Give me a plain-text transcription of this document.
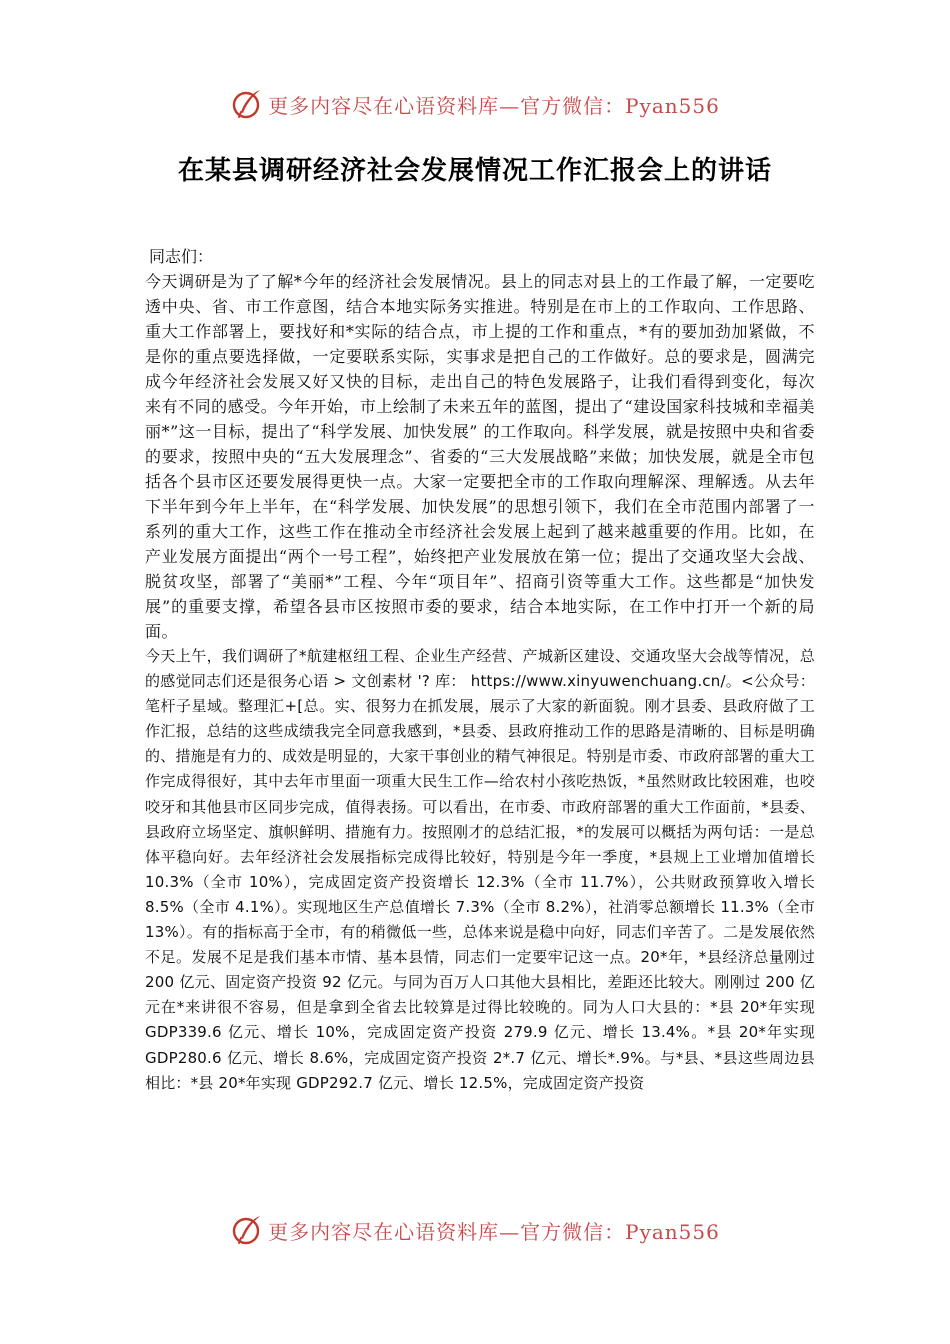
更多内容尽在心语资料库—官方微信：Pyan556
在某县调研经济社会发展情况工作汇报会上的讲话

同志们：

今天调研是为了了解*今年的经济社会发展情况。县上的同志对县上的工作最了解，一定要吃透中央、省、市工作意图，结合本地实际务实推进。特别是在市上的工作取向、工作思路、重大工作部署上，要找好和*实际的结合点，市上提的工作和重点，*有的要加劲加紧做，不是你的重点要选择做，一定要联系实际，实事求是把自己的工作做好。总的要求是，圆满完成今年经济社会发展又好又快的目标，走出自己的特色发展路子，让我们看得到变化，每次来有不同的感受。今年开始，市上绘制了未来五年的蓝图，提出了“建设国家科技城和幸福美丽*”这一目标，提出了“科学发展、加快发展” 的工作取向。科学发展，就是按照中央和省委的要求，按照中央的“五大发展理念”、省委的“三大发展战略”来做；加快发展，就是全市包括各个县市区还要发展得更快一点。大家一定要把全市的工作取向理解深、理解透。从去年下半年到今年上半年，在“科学发展、加快发展”的思想引领下，我们在全市范围内部署了一系列的重大工作，这些工作在推动全市经济社会发展上起到了越来越重要的作用。比如，在产业发展方面提出“两个一号工程”，始终把产业发展放在第一位；提出了交通攻坚大会战、脱贫攻坚，部署了“美丽*”工程、今年“项目年”、招商引资等重大工作。这些都是“加快发展”的重要支撑，希望各县市区按照市委的要求，结合本地实际，在工作中打开一个新的局面。

今天上午，我们调研了*航建枢纽工程、企业生产经营、产城新区建设、交通攻坚大会战等情况，总的感觉同志们还是很务心语 > 文创素材 '? 库： https://www.xinyuwenchuang.cn/。<公众号：笔杆子星域。整理汇+[总。实、很努力在抓发展，展示了大家的新面貌。刚才县委、县政府做了工作汇报，总结的这些成绩我完全同意我感到，*县委、县政府推动工作的思路是清晰的、目标是明确的、措施是有力的、成效是明显的，大家干事创业的精气神很足。特别是市委、市政府部署的重大工作完成得很好，其中去年市里面一项重大民生工作—给农村小孩吃热饭，*虽然财政比较困难，也咬咬牙和其他县市区同步完成，值得表扬。可以看出，在市委、市政府部署的重大工作面前，*县委、县政府立场坚定、旗帜鲜明、措施有力。按照刚才的总结汇报，*的发展可以概括为两句话：一是总体平稳向好。去年经济社会发展指标完成得比较好，特别是今年一季度，*县规上工业增加值增长 10.3%（全市 10%），完成固定资产投资增长 12.3%（全市 11.7%），公共财政预算收入增长 8.5%（全市 4.1%）。实现地区生产总值增长 7.3%（全市 8.2%），社消零总额增长 11.3%（全市 13%）。有的指标高于全市，有的稍微低一些，总体来说是稳中向好，同志们辛苦了。二是发展依然不足。发展不足是我们基本市情、基本县情，同志们一定要牢记这一点。20*年，*县经济总量刚过 200 亿元、固定资产投资 92 亿元。与同为百万人口其他大县相比，差距还比较大。刚刚过 200 亿元在*来讲很不容易，但是拿到全省去比较算是过得比较晚的。同为人口大县的：*县 20*年实现 GDP339.6 亿元、增长 10%，完成固定资产投资 279.9 亿元、增长 13.4%。*县 20*年实现 GDP280.6 亿元、增长 8.6%，完成固定资产投资 2*.7 亿元、增长*.9%。与*县、*县这些周边县相比：*县 20*年实现 GDP292.7 亿元、增长 12.5%，完成固定资产投资

更多内容尽在心语资料库—官方微信：Pyan556
